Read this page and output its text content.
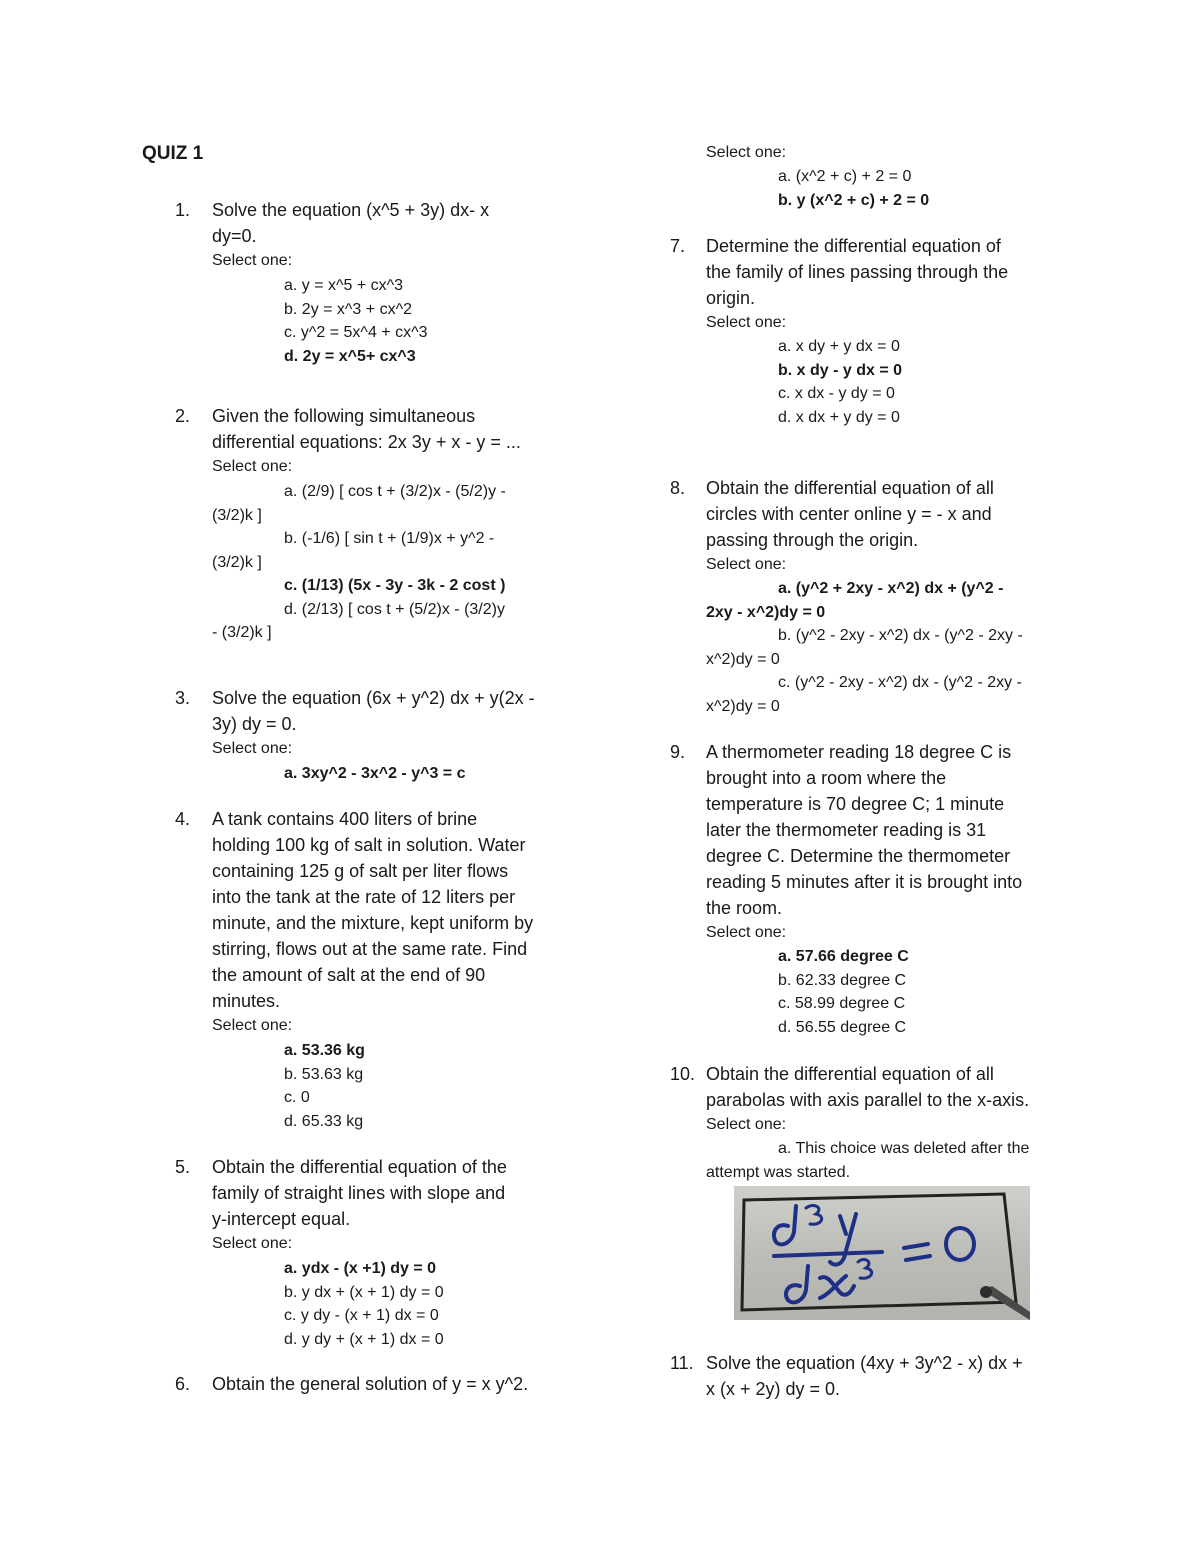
QUIZ 1
1. Solve the equation (x^5 + 3y) dx- x
dy=0.
Select one:
a. y = x^5 + cx^3
b. 2y = x^3 + cx^2
c. y^2 = 5x^4 + cx^3
d. 2y = x^5+ cx^3
2. Given the following simultaneous
differential equations: 2x 3y + x - y = ...
Select one:
a. (2/9) [ cos t + (3/2)x - (5/2)y -
(3/2)k ]
b. (-1/6) [ sin t + (1/9)x + y^2 -
(3/2)k ]
c. (1/13) (5x - 3y - 3k - 2 cost )
d. (2/13) [ cos t + (5/2)x - (3/2)y
- (3/2)k ]
3. Solve the equation (6x + y^2) dx + y(2x -
3y) dy = 0.
Select one:
a. 3xy^2 - 3x^2 - y^3 = c
4. A tank contains 400 liters of brine
holding 100 kg of salt in solution. Water
containing 125 g of salt per liter flows
into the tank at the rate of 12 liters per
minute, and the mixture, kept uniform by
stirring, flows out at the same rate. Find
the amount of salt at the end of 90
minutes.
Select one:
a. 53.36 kg
b. 53.63 kg
c. 0
d. 65.33 kg
5. Obtain the differential equation of the
family of straight lines with slope and
y-intercept equal.
Select one:
a. ydx - (x +1) dy = 0
b. y dx + (x + 1) dy = 0
c. y dy - (x + 1) dx = 0
d. y dy + (x + 1) dx = 0
6. Obtain the general solution of y = x y^2.
Select one:
a. (x^2 + c) + 2 = 0
b. y (x^2 + c) + 2 = 0
7. Determine the differential equation of
the family of lines passing through the
origin.
Select one:
a. x dy + y dx = 0
b. x dy - y dx = 0
c. x dx - y dy = 0
d. x dx + y dy = 0
8. Obtain the differential equation of all
circles with center online y = - x and
passing through the origin.
Select one:
a. (y^2 + 2xy - x^2) dx + (y^2 -
2xy - x^2)dy = 0
b. (y^2 - 2xy - x^2) dx - (y^2 - 2xy -
x^2)dy = 0
c. (y^2 - 2xy - x^2) dx - (y^2 - 2xy -
x^2)dy = 0
9. A thermometer reading 18 degree C is
brought into a room where the
temperature is 70 degree C; 1 minute
later the thermometer reading is 31
degree C. Determine the thermometer
reading 5 minutes after it is brought into
the room.
Select one:
a. 57.66 degree C
b. 62.33 degree C
c. 58.99 degree C
d. 56.55 degree C
10. Obtain the differential equation of all
parabolas with axis parallel to the x-axis.
Select one:
a. This choice was deleted after the
attempt was started.
11. Solve the equation (4xy + 3y^2 - x) dx +
x (x + 2y) dy = 0.
